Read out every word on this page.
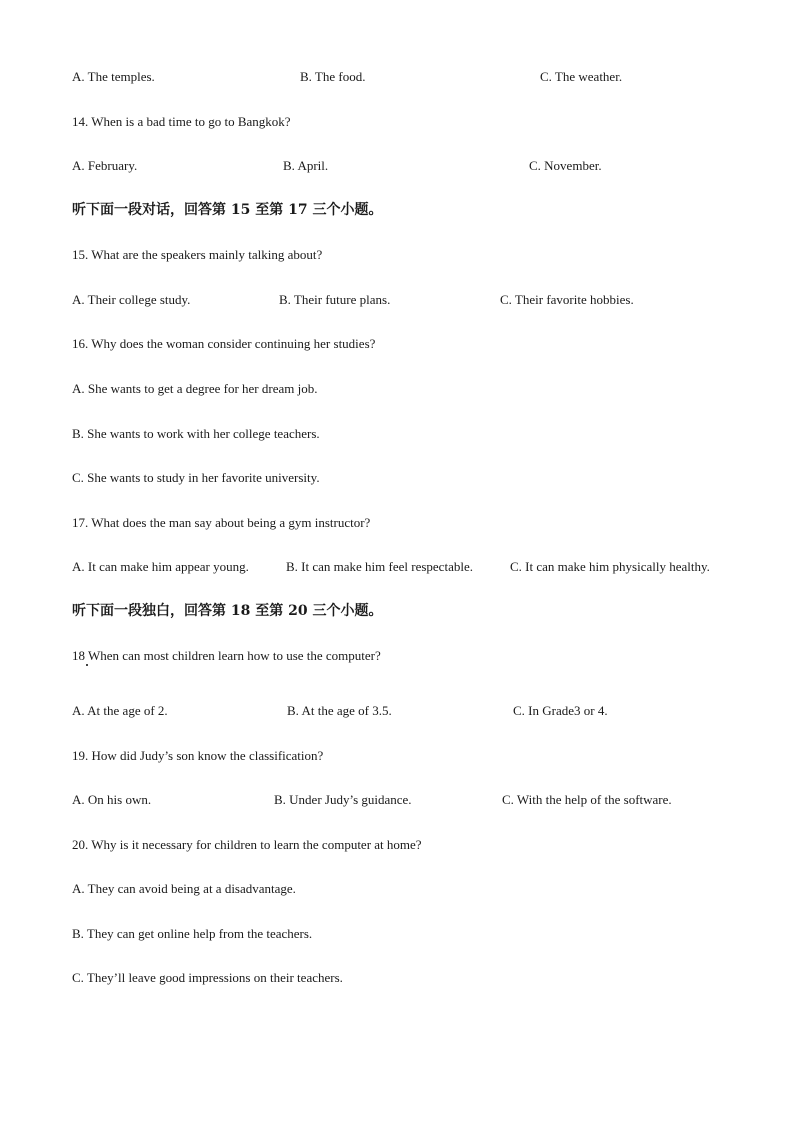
A. The temples.	B. The food.	C. The weather.
14. When is a bad time to go to Bangkok?
A. February.	B. April.	C. November.
听下面一段对话，回答第 15 至第 17 三个小题。
15. What are the speakers mainly talking about?
A. Their college study.	B. Their future plans.	C. Their favorite hobbies.
16. Why does the woman consider continuing her studies?
A. She wants to get a degree for her dream job.
B. She wants to work with her college teachers.
C. She wants to study in her favorite university.
17. What does the man say about being a gym instructor?
A. It can make him appear young.	B. It can make him feel respectable.	C. It can make him physically healthy.
听下面一段独白，回答第 18 至第 20 三个小题。
18 When can most children learn how to use the computer?
A. At the age of 2.	B. At the age of 3.5.	C. In Grade3 or 4.
19. How did Judy’s son know the classification?
A. On his own.	B. Under Judy’s guidance.	C. With the help of the software.
20. Why is it necessary for children to learn the computer at home?
A. They can avoid being at a disadvantage.
B. They can get online help from the teachers.
C. They’ll leave good impressions on their teachers.
